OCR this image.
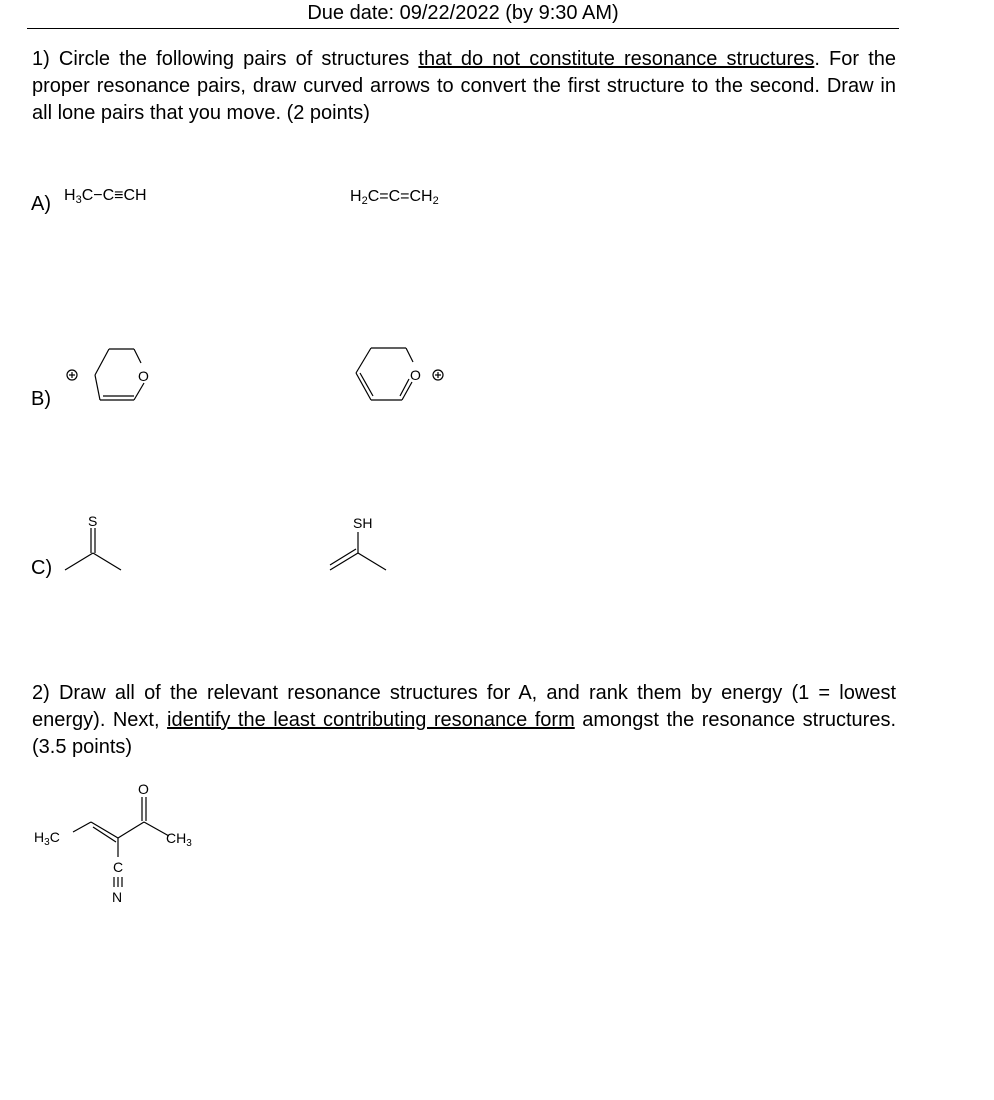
Due date: 09/22/2022 (by 9:30 AM)
1) Circle the following pairs of structures that do not constitute resonance structures. For the proper resonance pairs, draw curved arrows to convert the first structure to the second. Draw in all lone pairs that you move. (2 points)
A) $H_3C-C\equiv CH$	$H_2C=C=CH_2$
B)
O
+
O
+
C)
S	SH
2) Draw all of the relevant resonance structures for A, and rank them by energy (1 = lowest energy). Next, identify the least contributing resonance form amongst the resonance structures. (3.5 points)
O
$H_3C$	$CH_3$
C
N
